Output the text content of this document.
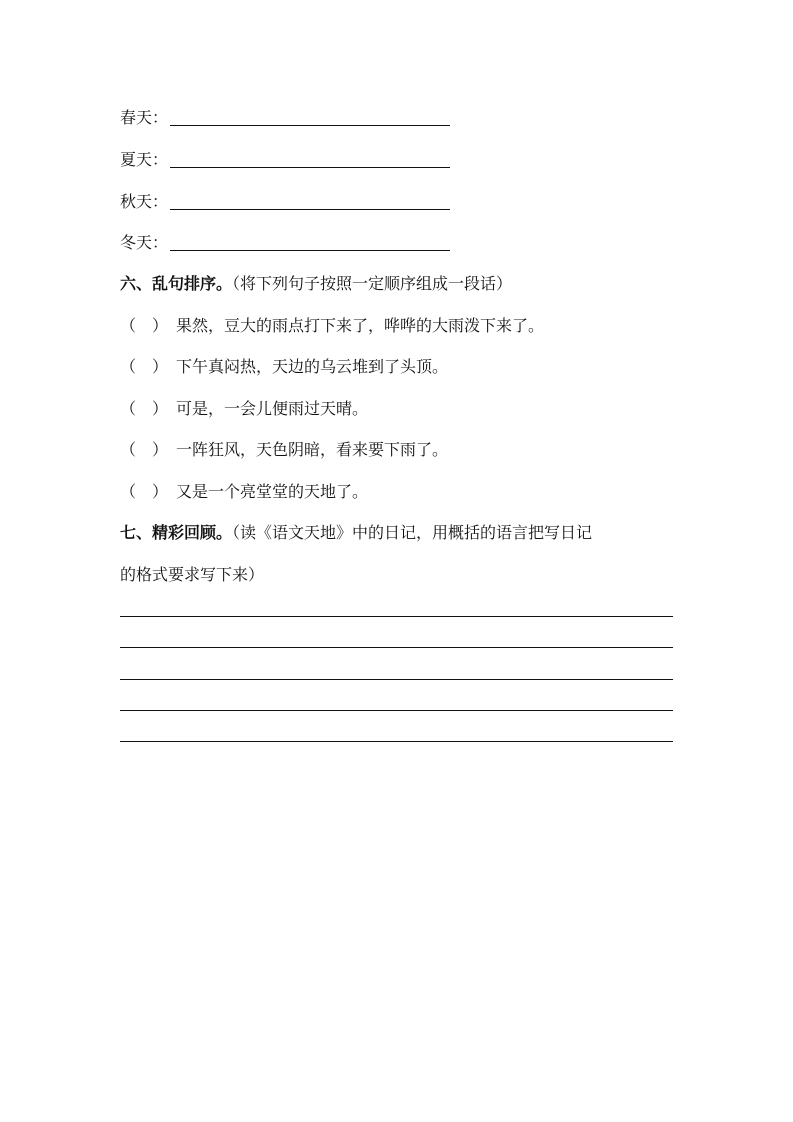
春天：
夏天：
秋天：
冬天：
六、乱句排序。（将下列句子按照一定顺序组成一段话）
（ ） 果然，豆大的雨点打下来了，哗哗的大雨泼下来了。
（ ） 下午真闷热，天边的乌云堆到了头顶。
（ ） 可是，一会儿便雨过天晴。
（ ） 一阵狂风，天色阴暗，看来要下雨了。
（ ） 又是一个亮堂堂的天地了。
七、精彩回顾。（读《语文天地》中的日记，用概括的语言把写日记
的格式要求写下来）
